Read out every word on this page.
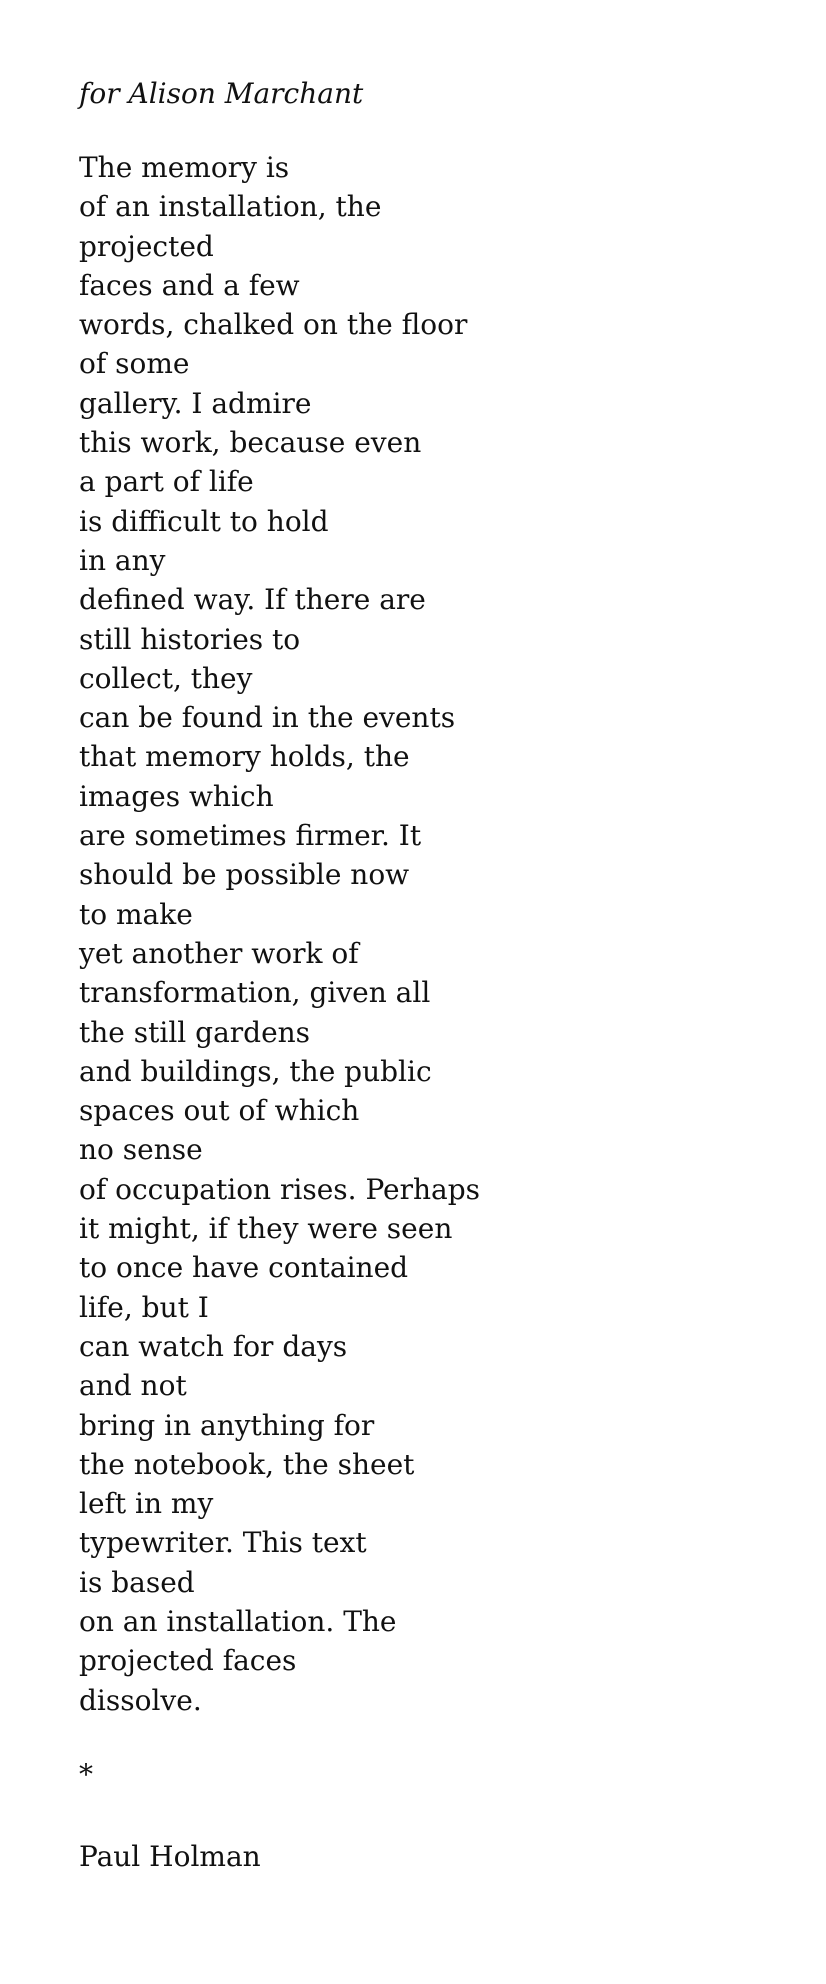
for Alison Marchant
The memory is
of an installation, the
projected
faces and a few
words, chalked on the floor
of some
gallery. I admire
this work, because even
a part of life
is difficult to hold
in any
defined way. If there are
still histories to
collect, they
can be found in the events
that memory holds, the
images which
are sometimes firmer. It
should be possible now
to make
yet another work of
transformation, given all
the still gardens
and buildings, the public
spaces out of which
no sense
of occupation rises. Perhaps
it might, if they were seen
to once have contained
life, but I
can watch for days
and not
bring in anything for
the notebook, the sheet
left in my
typewriter. This text
is based
on an installation. The
projected faces
dissolve.
*
Paul Holman
